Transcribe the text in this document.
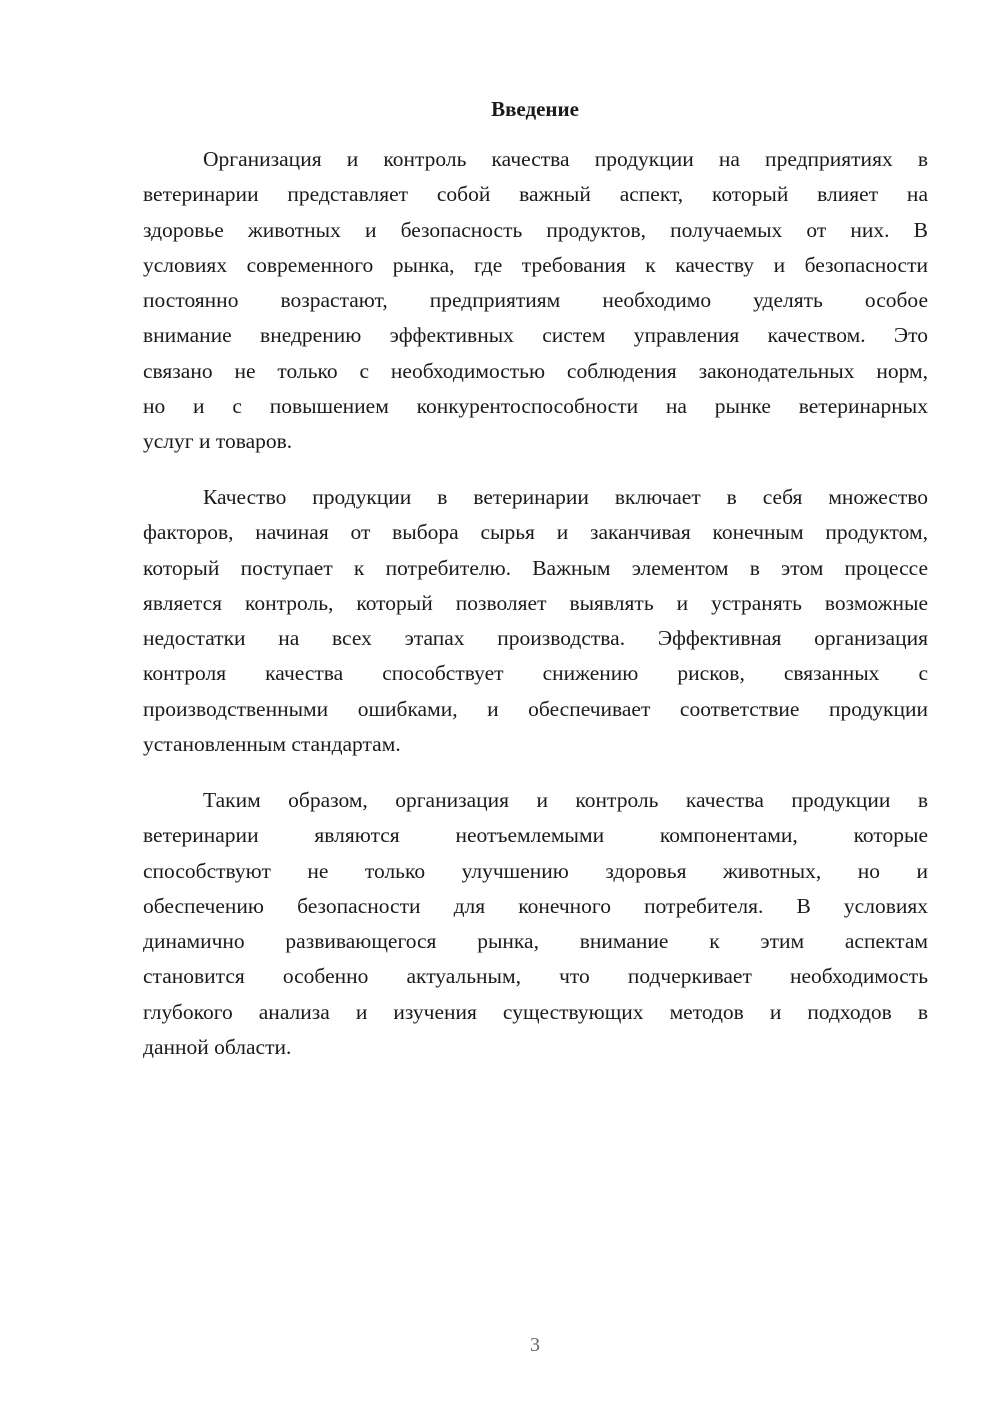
Введение
Организация и контроль качества продукции на предприятиях в
ветеринарии представляет собой важный аспект, который влияет на
здоровье животных и безопасность продуктов, получаемых от них. В
условиях современного рынка, где требования к качеству и безопасности
постоянно возрастают, предприятиям необходимо уделять особое
внимание внедрению эффективных систем управления качеством. Это
связано не только с необходимостью соблюдения законодательных норм,
но и с повышением конкурентоспособности на рынке ветеринарных
услуг и товаров.
Качество продукции в ветеринарии включает в себя множество
факторов, начиная от выбора сырья и заканчивая конечным продуктом,
который поступает к потребителю. Важным элементом в этом процессе
является контроль, который позволяет выявлять и устранять возможные
недостатки на всех этапах производства. Эффективная организация
контроля качества способствует снижению рисков, связанных с
производственными ошибками, и обеспечивает соответствие продукции
установленным стандартам.
Таким образом, организация и контроль качества продукции в
ветеринарии являются неотъемлемыми компонентами, которые
способствуют не только улучшению здоровья животных, но и
обеспечению безопасности для конечного потребителя. В условиях
динамично развивающегося рынка, внимание к этим аспектам
становится особенно актуальным, что подчеркивает необходимость
глубокого анализа и изучения существующих методов и подходов в
данной области.
3
